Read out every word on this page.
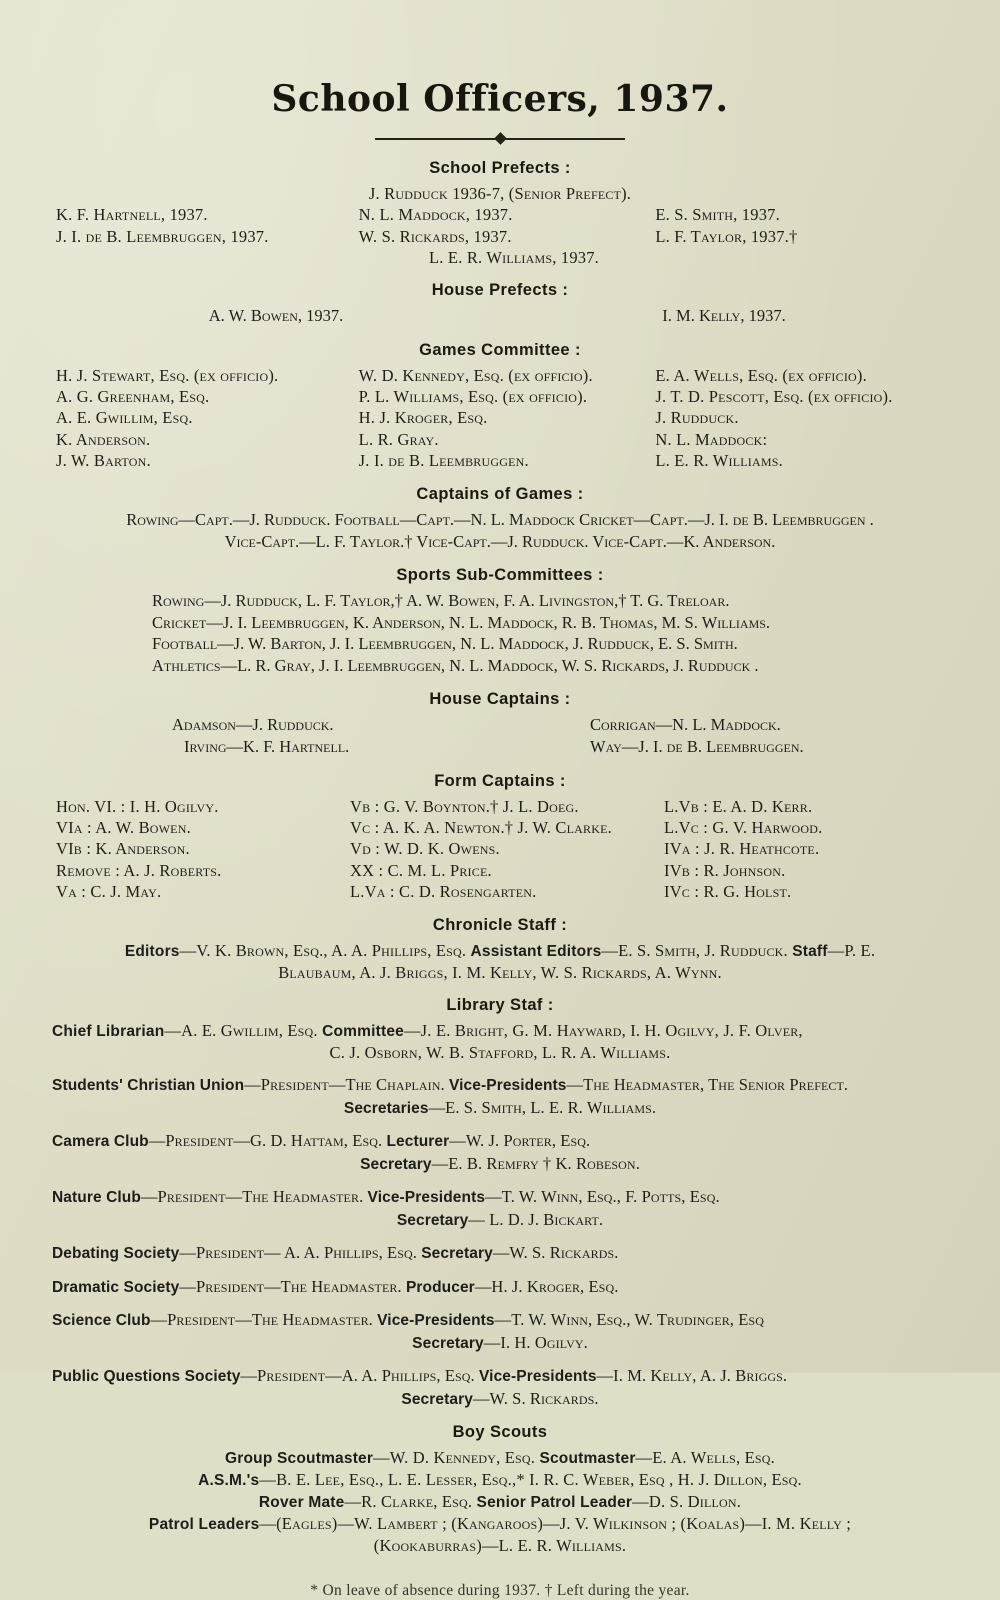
School Officers, 1937.
School Prefects :
J. Rudduck 1936-7, (Senior Prefect).
K. F. Hartnell, 1937.
J. I. de B. Leembruggen, 1937.
N. L. Maddock, 1937.
W. S. Rickards, 1937.
L. E. R. Williams, 1937.
E. S. Smith, 1937.
L. F. Taylor, 1937.†
House Prefects :
A. W. Bowen, 1937.	I. M. Kelly, 1937.
Games Committee :
H. J. Stewart, Esq. (ex officio).
A. G. Greenham, Esq.
A. E. Gwillim, Esq.
K. Anderson.
J. W. Barton.
W. D. Kennedy, Esq. (ex officio).
P. L. Williams, Esq. (ex officio).
H. J. Kroger, Esq.
L. R. Gray.
J. I. de B. Leembruggen.
E. A. Wells, Esq. (ex officio).
J. T. D. Pescott, Esq. (ex officio).
J. Rudduck.
N. L. Maddock:
L. E. R. Williams.
Captains of Games :
Rowing—Capt.—J. Rudduck. Football—Capt.—N. L. Maddock Cricket—Capt.—J. I. de B. Leembruggen .
Vice-Capt.—L. F. Taylor.† Vice-Capt.—J. Rudduck. Vice-Capt.—K. Anderson.
Sports Sub-Committees :
Rowing—J. Rudduck, L. F. Taylor,† A. W. Bowen, F. A. Livingston,† T. G. Treloar.
Cricket—J. I. Leembruggen, K. Anderson, N. L. Maddock, R. B. Thomas, M. S. Williams.
Football—J. W. Barton, J. I. Leembruggen, N. L. Maddock, J. Rudduck, E. S. Smith.
Athletics—L. R. Gray, J. I. Leembruggen, N. L. Maddock, W. S. Rickards, J. Rudduck .
House Captains :
Adamson—J. Rudduck.
Irving—K. F. Hartnell.
Corrigan—N. L. Maddock.
Way—J. I. de B. Leembruggen.
Form Captains :
Hon. VI. : I. H. Ogilvy.
VIa : A. W. Bowen.
VIb : K. Anderson.
Remove : A. J. Roberts.
Va : C. J. May.
Vb : G. V. Boynton.† J. L. Doeg.
Vc : A. K. A. Newton.† J. W. Clarke.
Vd : W. D. K. Owens.
XX : C. M. L. Price.
L.Va : C. D. Rosengarten.
L.Vb : E. A. D. Kerr.
L.Vc : G. V. Harwood.
IVa : J. R. Heathcote.
IVb : R. Johnson.
IVc : R. G. Holst.
Chronicle Staff :
Editors—V. K. Brown, Esq., A. A. Phillips, Esq. Assistant Editors—E. S. Smith, J. Rudduck. Staff—P. E.
Blaubaum, A. J. Briggs, I. M. Kelly, W. S. Rickards, A. Wynn.
Library Staf :
Chief Librarian—A. E. Gwillim, Esq. Committee—J. E. Bright, G. M. Hayward, I. H. Ogilvy, J. F. Olver,
C. J. Osborn, W. B. Stafford, L. R. A. Williams.
Students' Christian Union—President—The Chaplain. Vice-Presidents—The Headmaster, The Senior Prefect.
Secretaries—E. S. Smith, L. E. R. Williams.
Camera Club—President—G. D. Hattam, Esq. Lecturer—W. J. Porter, Esq.
Secretary—E. B. Remfry † K. Robeson.
Nature Club—President—The Headmaster. Vice-Presidents—T. W. Winn, Esq., F. Potts, Esq.
Secretary— L. D. J. Bickart.
Debating Society—President— A. A. Phillips, Esq. Secretary—W. S. Rickards.
Dramatic Society—President—The Headmaster. Producer—H. J. Kroger, Esq.
Science Club—President—The Headmaster. Vice-Presidents—T. W. Winn, Esq., W. Trudinger, Esq
Secretary—I. H. Ogilvy.
Public Questions Society—President—A. A. Phillips, Esq. Vice-Presidents—I. M. Kelly, A. J. Briggs.
Secretary—W. S. Rickards.
Boy Scouts
Group Scoutmaster—W. D. Kennedy, Esq. Scoutmaster—E. A. Wells, Esq.
A.S.M.'s—B. E. Lee, Esq., L. E. Lesser, Esq.,* I. R. C. Weber, Esq , H. J. Dillon, Esq.
Rover Mate—R. Clarke, Esq. Senior Patrol Leader—D. S. Dillon.
Patrol Leaders—(Eagles)—W. Lambert ; (Kangaroos)—J. V. Wilkinson ; (Koalas)—I. M. Kelly ;
(Kookaburras)—L. E. R. Williams.
* On leave of absence during 1937. † Left during the year.
